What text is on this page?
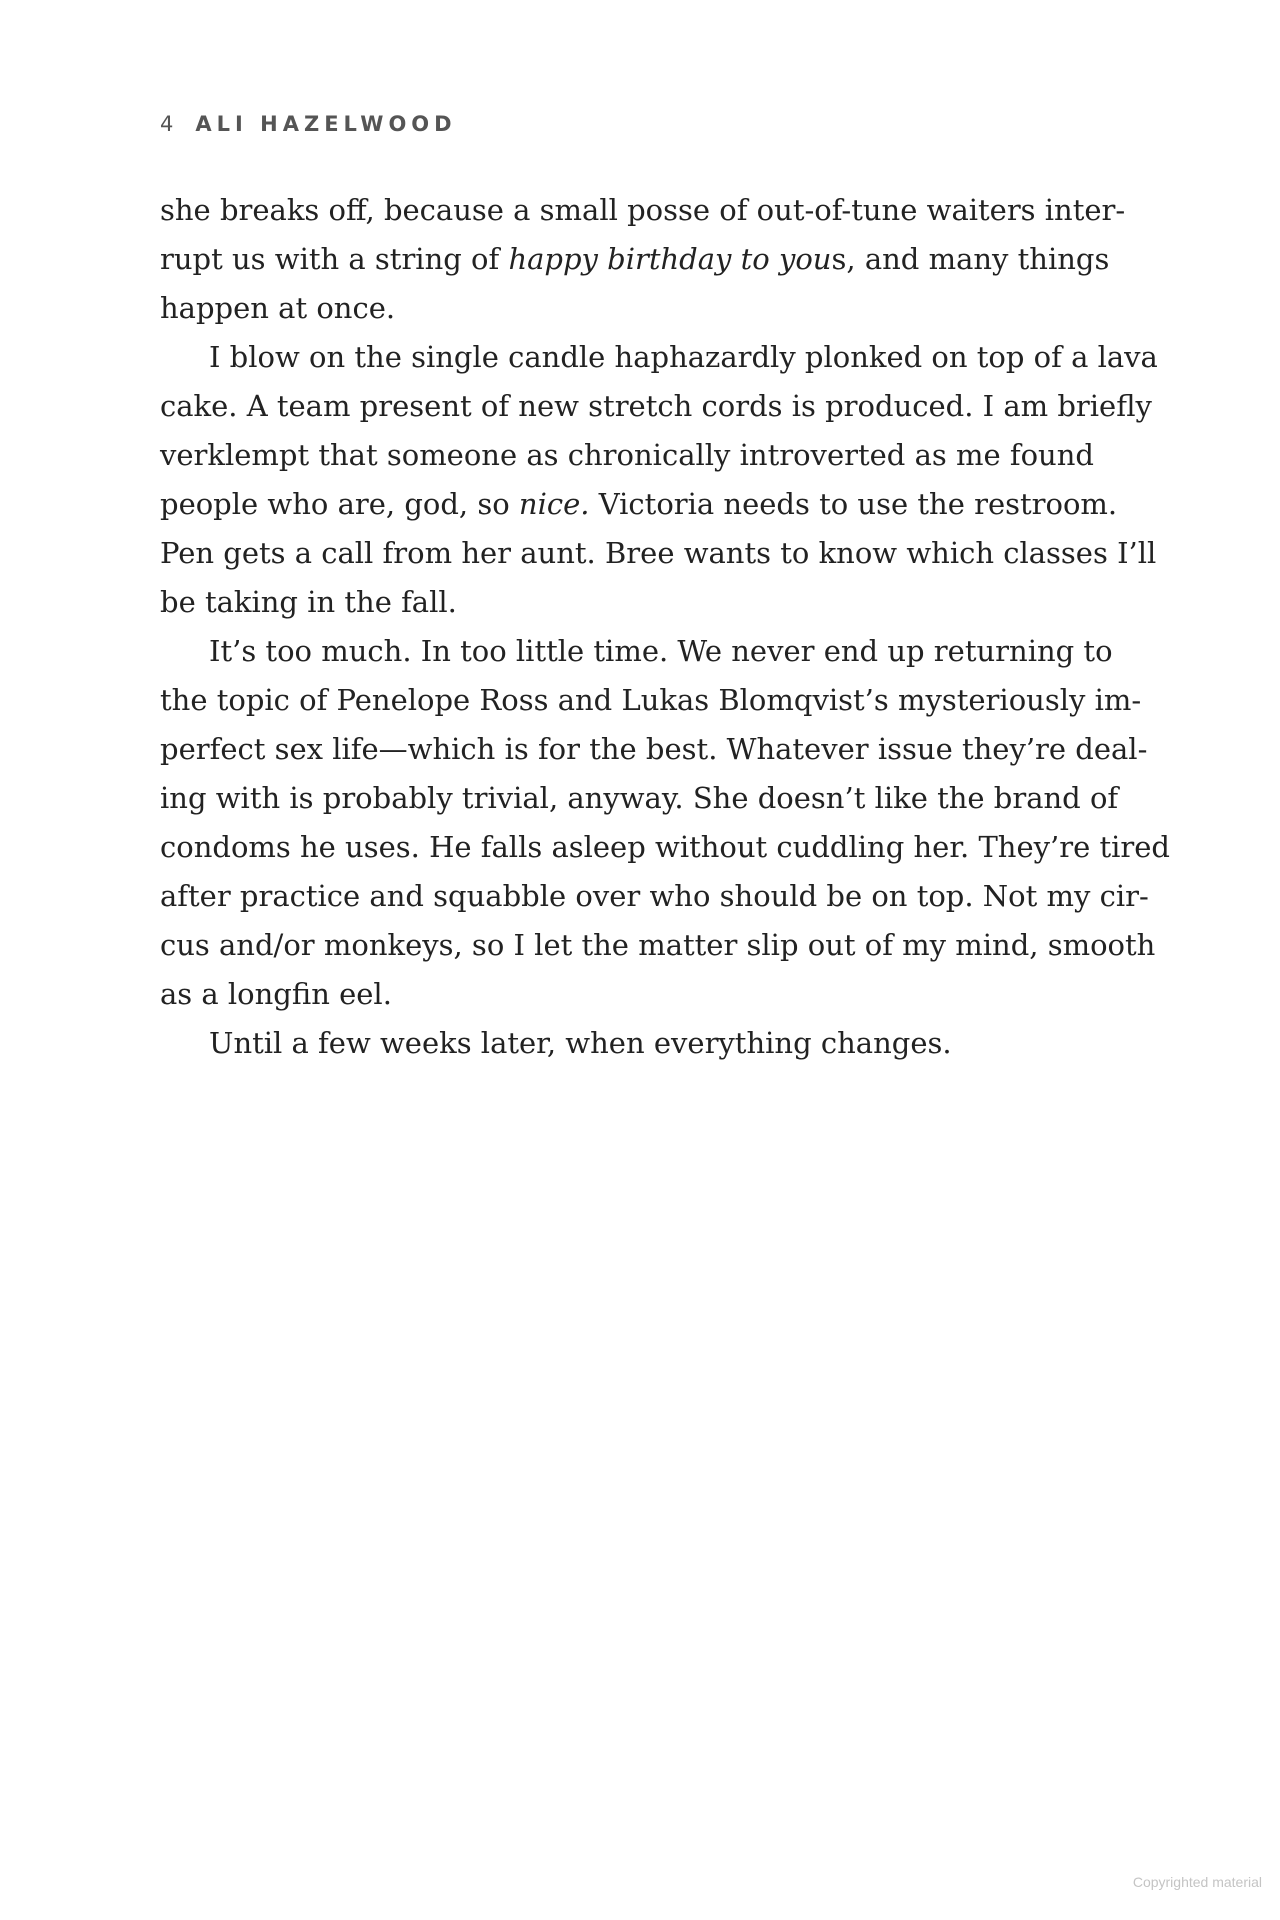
4 ALI HAZELWOOD
she breaks off, because a small posse of out-of-tune waiters inter-
rupt us with a string of happy birthday to yous, and many things
happen at once.
I blow on the single candle haphazardly plonked on top of a lava
cake. A team present of new stretch cords is produced. I am briefly
verklempt that someone as chronically introverted as me found
people who are, god, so nice. Victoria needs to use the restroom.
Pen gets a call from her aunt. Bree wants to know which classes I’ll
be taking in the fall.
It’s too much. In too little time. We never end up returning to
the topic of Penelope Ross and Lukas Blomqvist’s mysteriously im-
perfect sex life—which is for the best. Whatever issue they’re deal-
ing with is probably trivial, anyway. She doesn’t like the brand of
condoms he uses. He falls asleep without cuddling her. They’re tired
after practice and squabble over who should be on top. Not my cir-
cus and/or monkeys, so I let the matter slip out of my mind, smooth
as a longfin eel.
Until a few weeks later, when everything changes.
Copyrighted material
